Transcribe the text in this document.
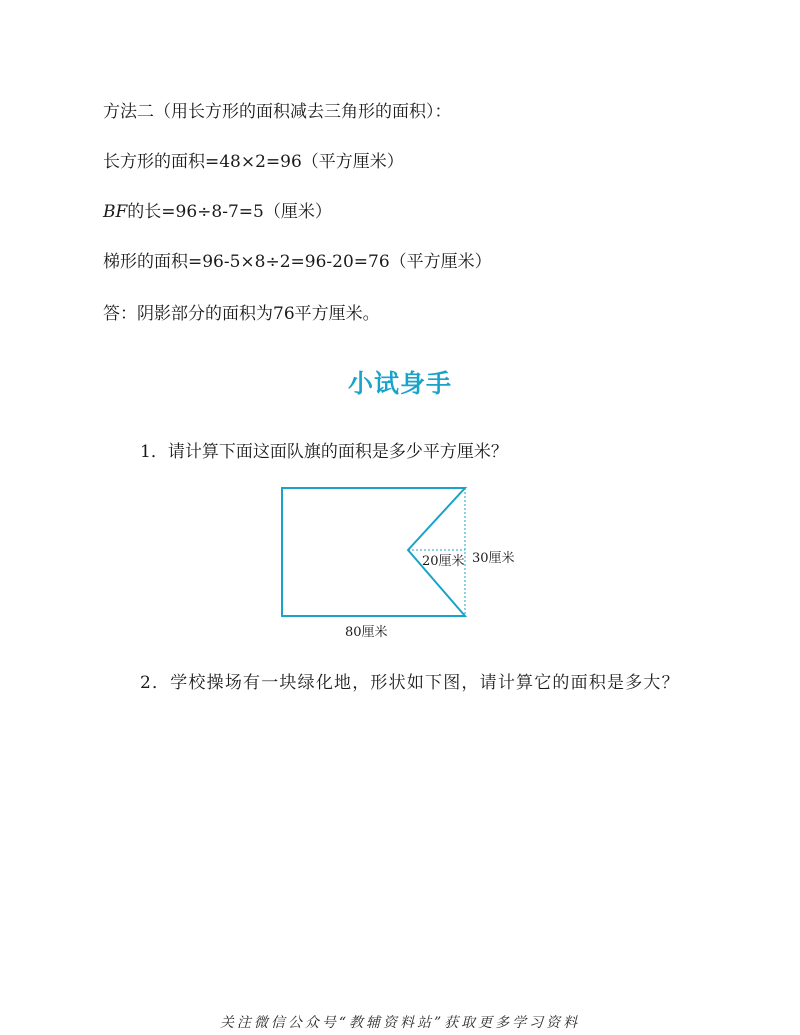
方法二（用长方形的面积减去三角形的面积）：
长方形的面积=48×2=96（平方厘米）
BF的长=96÷8-7=5（厘米）
梯形的面积=96-5×8÷2=96-20=76（平方厘米）
答：阴影部分的面积为76平方厘米。
小试身手
1．请计算下面这面队旗的面积是多少平方厘米？
20厘米 30厘米
80厘米
2．学校操场有一块绿化地，形状如下图，请计算它的面积是多大？
关注微信公众号“教辅资料站”获取更多学习资料
